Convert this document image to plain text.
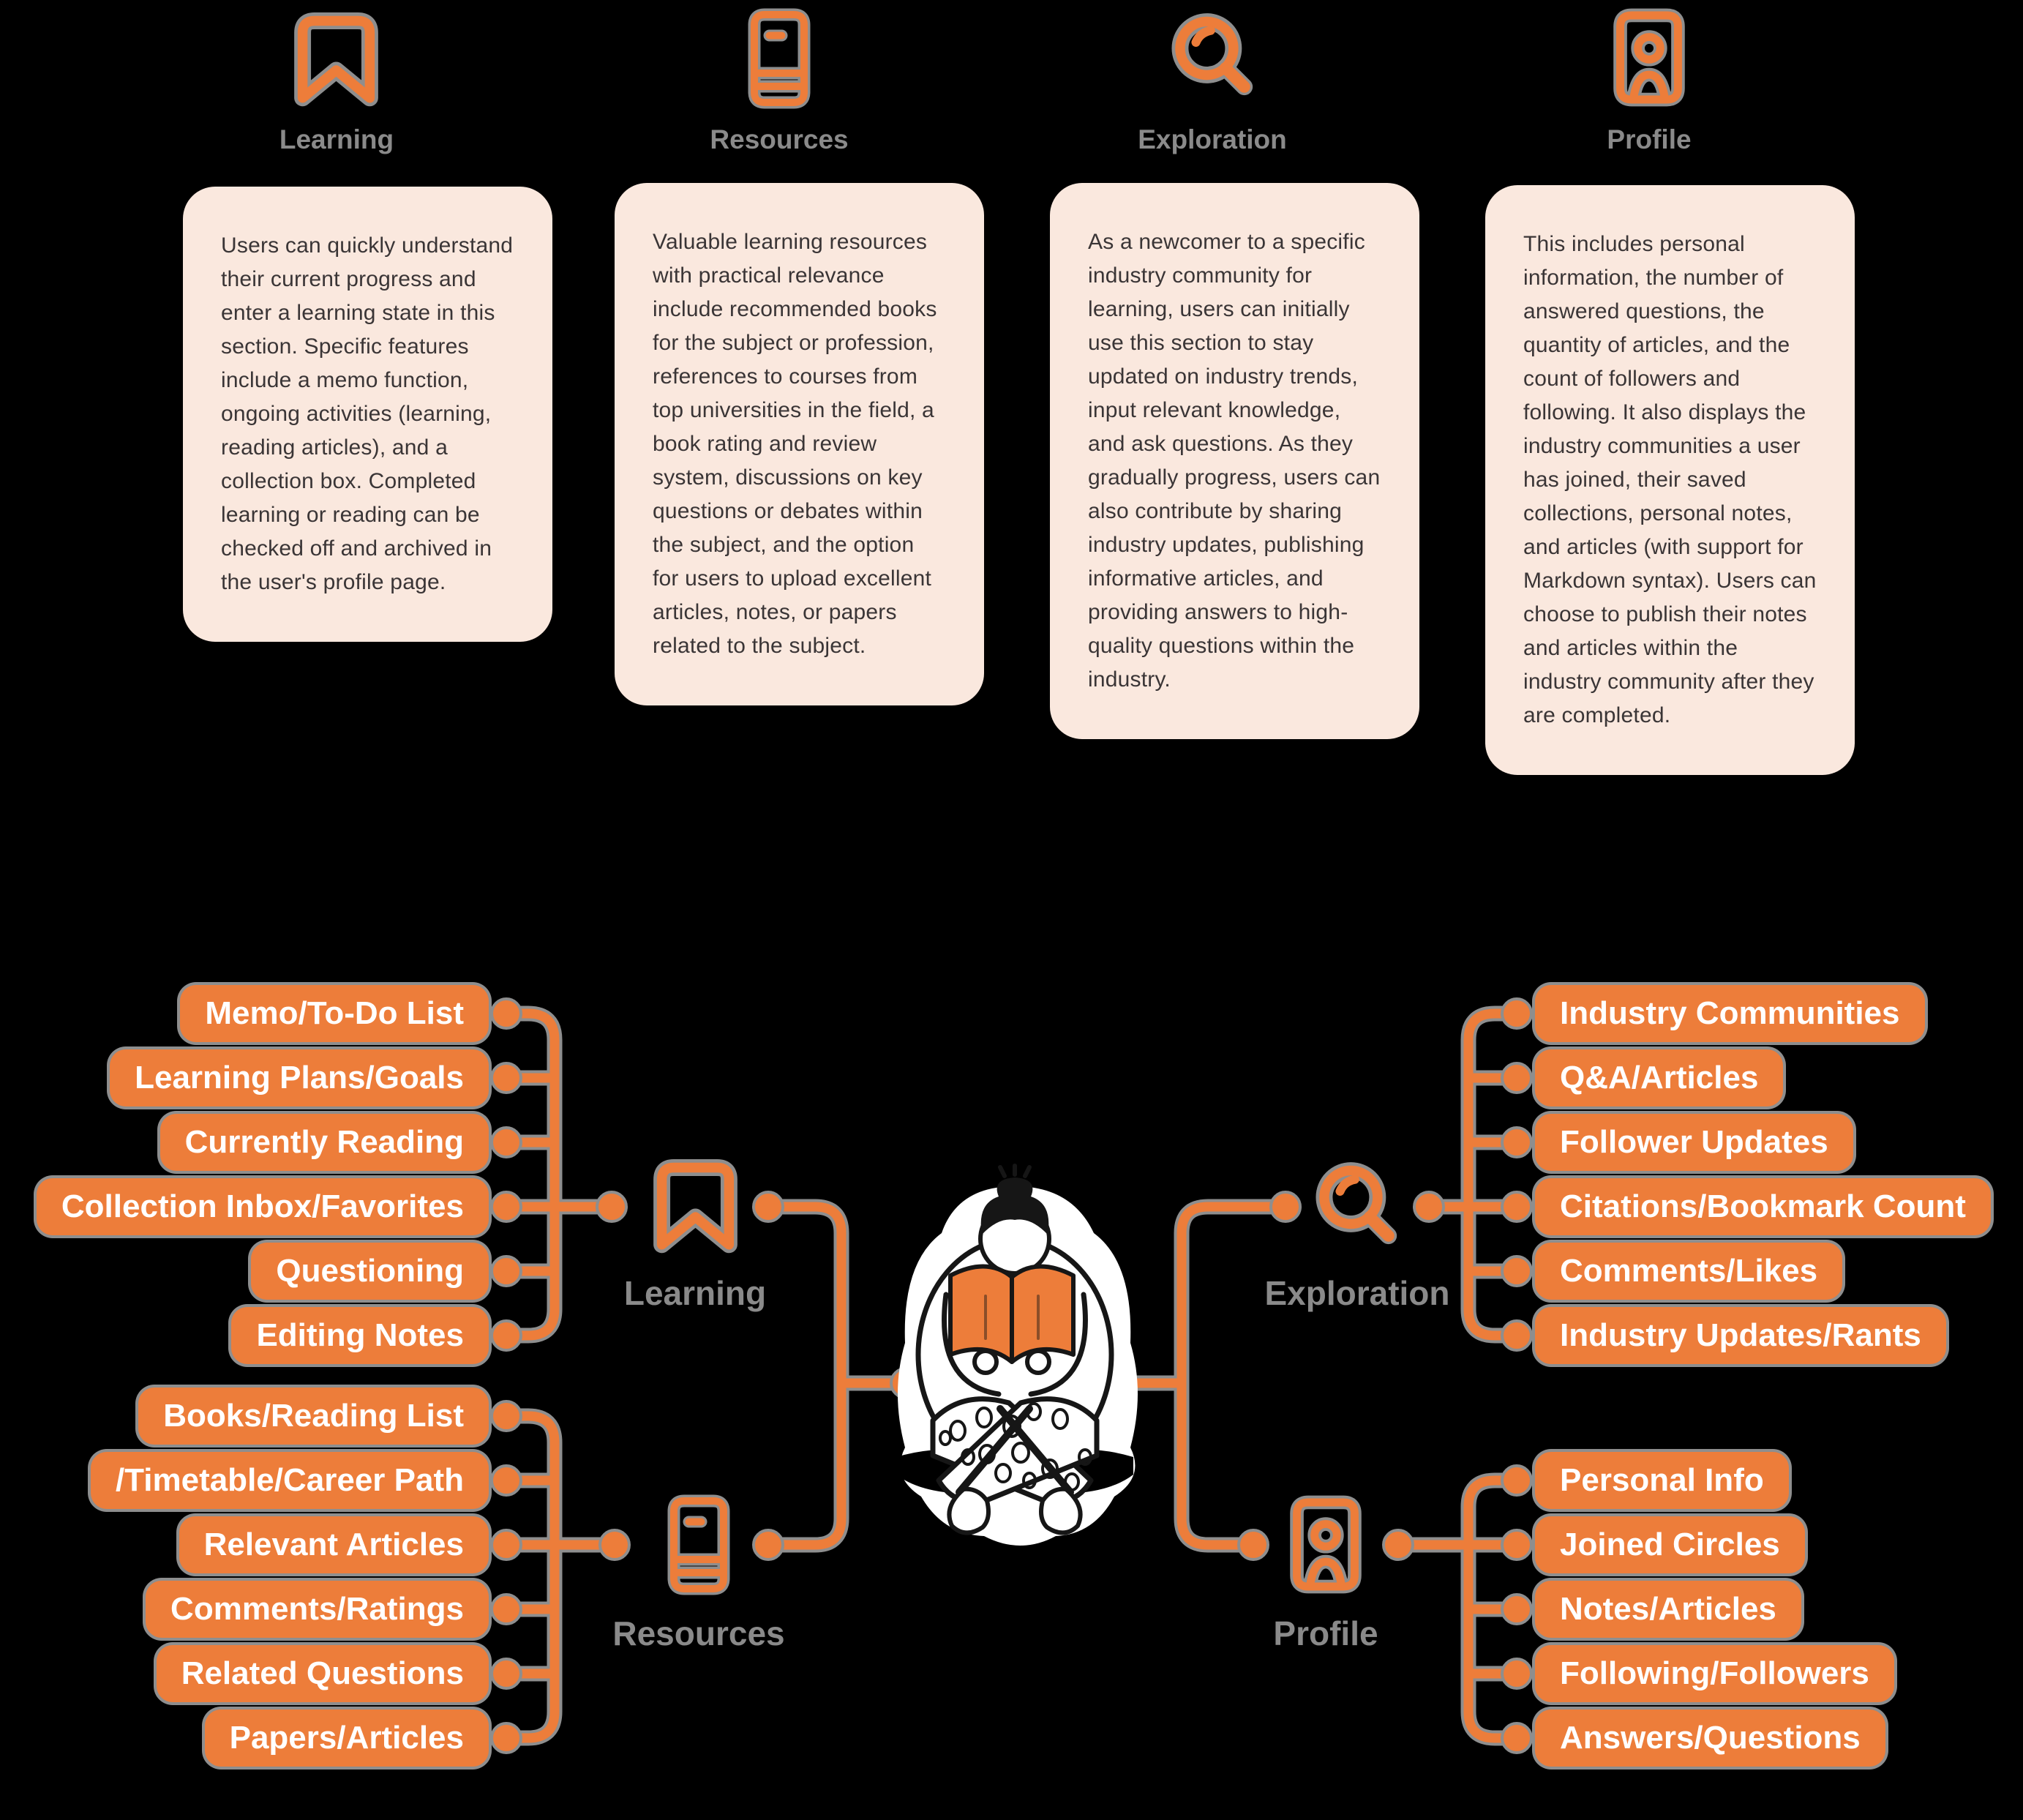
Learning	Resources	Exploration	Profile
Users can quickly understand their current progress and enter a learning state in this section. Specific features include a memo function, ongoing activities (learning, reading articles), and a collection box. Completed learning or reading can be checked off and archived in the user's profile page.
Valuable learning resources with practical relevance include recommended books for the subject or profession, references to courses from top universities in the field, a book rating and review system, discussions on key questions or debates within the subject, and the option for users to upload excellent articles, notes, or papers related to the subject.
As a newcomer to a specific industry community for learning, users can initially use this section to stay updated on industry trends, input relevant knowledge, and ask questions. As they gradually progress, users can also contribute by sharing industry updates, publishing informative articles, and providing answers to high-quality questions within the industry.
This includes personal information, the number of answered questions, the quantity of articles, and the count of followers and following. It also displays the industry communities a user has joined, their saved collections, personal notes, and articles (with support for Markdown syntax). Users can choose to publish their notes and articles within the industry community after they are completed.
Learning
Resources
Exploration
Profile
Memo/To-Do List
Learning Plans/Goals
Currently Reading
Collection Inbox/Favorites
Questioning
Editing Notes
Books/Reading List
/Timetable/Career Path
Relevant Articles
Comments/Ratings
Related Questions
Papers/Articles
Industry Communities
Q&A/Articles
Follower Updates
Citations/Bookmark Count
Comments/Likes
Industry Updates/Rants
Personal Info
Joined Circles
Notes/Articles
Following/Followers
Answers/Questions
